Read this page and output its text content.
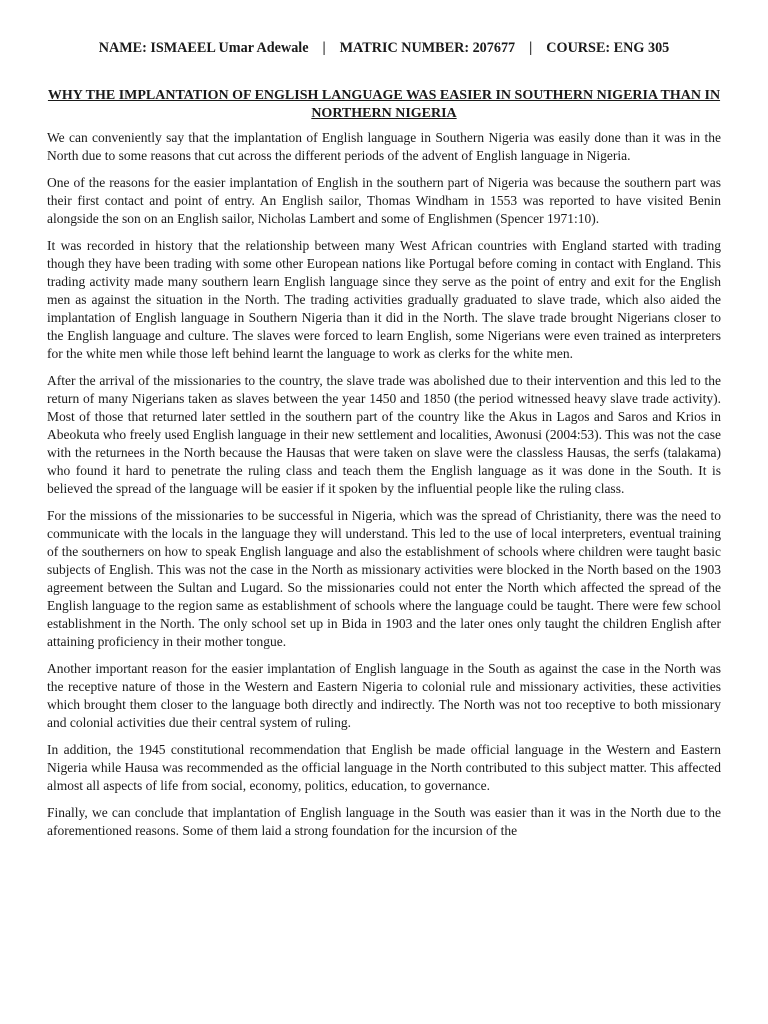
NAME: ISMAEEL Umar Adewale | MATRIC NUMBER: 207677 | COURSE: ENG 305
WHY THE IMPLANTATION OF ENGLISH LANGUAGE WAS EASIER IN SOUTHERN NIGERIA THAN IN NORTHERN NIGERIA

We can conveniently say that the implantation of English language in Southern Nigeria was easily done than it was in the North due to some reasons that cut across the different periods of the advent of English language in Nigeria.

One of the reasons for the easier implantation of English in the southern part of Nigeria was because the southern part was their first contact and point of entry. An English sailor, Thomas Windham in 1553 was reported to have visited Benin alongside the son on an English sailor, Nicholas Lambert and some of Englishmen (Spencer 1971:10).

It was recorded in history that the relationship between many West African countries with England started with trading though they have been trading with some other European nations like Portugal before coming in contact with England. This trading activity made many southern learn English language since they serve as the point of entry and exit for the English men as against the situation in the North. The trading activities gradually graduated to slave trade, which also aided the implantation of English language in Southern Nigeria than it did in the North. The slave trade brought Nigerians closer to the English language and culture. The slaves were forced to learn English, some Nigerians were even trained as interpreters for the white men while those left behind learnt the language to work as clerks for the white men.

After the arrival of the missionaries to the country, the slave trade was abolished due to their intervention and this led to the return of many Nigerians taken as slaves between the year 1450 and 1850 (the period witnessed heavy slave trade activity). Most of those that returned later settled in the southern part of the country like the Akus in Lagos and Saros and Krios in Abeokuta who freely used English language in their new settlement and localities, Awonusi (2004:53). This was not the case with the returnees in the North because the Hausas that were taken on slave were the classless Hausas, the serfs (talakama) who found it hard to penetrate the ruling class and teach them the English language as it was done in the South. It is believed the spread of the language will be easier if it spoken by the influential people like the ruling class.

For the missions of the missionaries to be successful in Nigeria, which was the spread of Christianity, there was the need to communicate with the locals in the language they will understand. This led to the use of local interpreters, eventual training of the southerners on how to speak English language and also the establishment of schools where children were taught basic subjects of English. This was not the case in the North as missionary activities were blocked in the North based on the 1903 agreement between the Sultan and Lugard. So the missionaries could not enter the North which affected the spread of the English language to the region same as establishment of schools where the language could be taught. There were few school establishment in the North. The only school set up in Bida in 1903 and the later ones only taught the children English after attaining proficiency in their mother tongue.

Another important reason for the easier implantation of English language in the South as against the case in the North was the receptive nature of those in the Western and Eastern Nigeria to colonial rule and missionary activities, these activities which brought them closer to the language both directly and indirectly. The North was not too receptive to both missionary and colonial activities due their central system of ruling.

In addition, the 1945 constitutional recommendation that English be made official language in the Western and Eastern Nigeria while Hausa was recommended as the official language in the North contributed to this subject matter. This affected almost all aspects of life from social, economy, politics, education, to governance.

Finally, we can conclude that implantation of English language in the South was easier than it was in the North due to the aforementioned reasons. Some of them laid a strong foundation for the incursion of the
